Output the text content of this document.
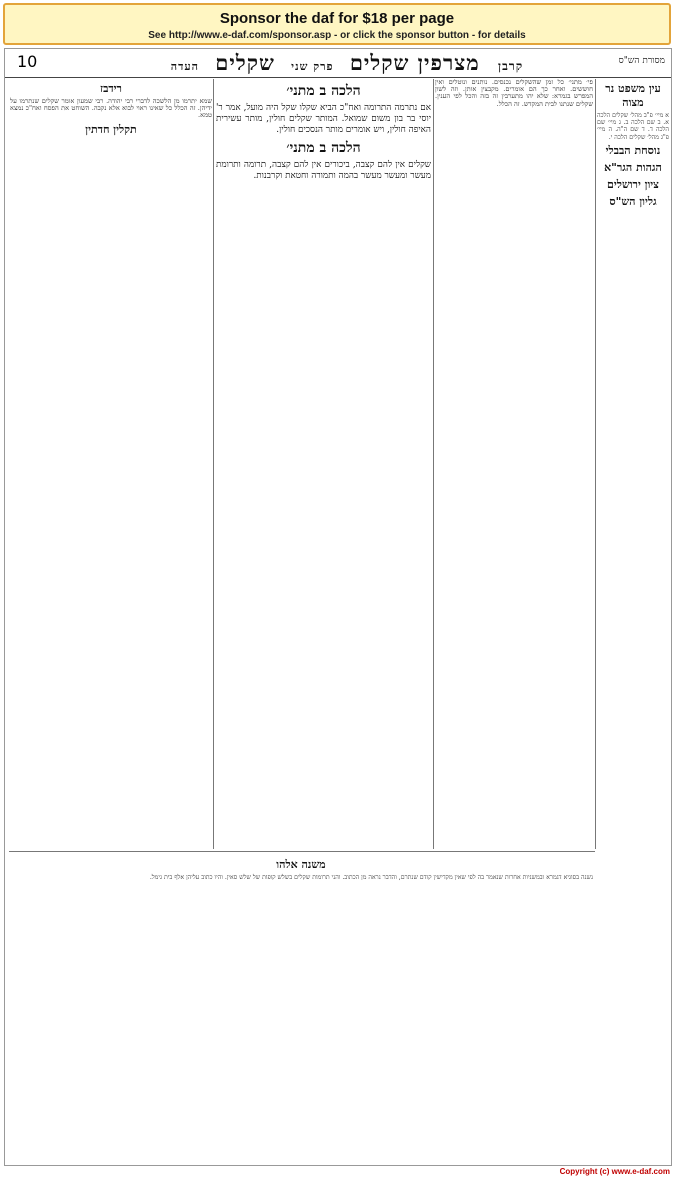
Sponsor the daf for $18 per page
See http://www.e-daf.com/sponsor.asp - or click the sponsor button - for details
מסורת הש"ס
קרבן מצרפין שקלים פרק שני שקלים העדה
10
עין משפט נר מצוה
א מיי׳ פ"ב מהל׳ שקלים הלכה א. ב שם הלכה ב. ג מיי׳ שם הלכה ד. ד שם ה"ה. ה מיי׳ פ"ג מהל׳ שקלים הלכה י.
נוסחת הבבלי
הגהות הגר"א
ציון ירושלים
גליון הש"ס
פי׳ מתני׳ כל זמן שהשקלים נכנסים. נותנים ונוטלים ואין חוששים. ואחר כך הם אומרים. מקבצין אותן. וזה לשון המפרש בגמרא: שלא יהו מתערבין זה בזה והכל לפי הענין. שקלים שנתנו לבית המקדש. זה הכלל.
הלכה ב מתני׳
אם נתרמה התרומה ואח"כ הביא שקלו שקל היה מועל, אמר ר' יוסי בר בון משום שמואל. המותר שקלים חולין, מותר עשירית האיפה חולין, ויש אומרים מותר הנסכים חולין.
הלכה ב מתני׳
שקלים אין להם קצבה, ביכורים אין להם קצבה, תרומה ותרומת מעשר ומעשר מעשר בהמה ותמורה וחטאת וקרבנות.
רידבז
שמא יתרמו מן הלשכה לדברי רבי יהודה. רבי שמעון אומר שקלים שנתרמו על ידיהן. זה הכלל כל שאינו ראוי לבוא אלא נקבה. השוחט את הפסח ואח"כ נמצא טמא.
תקלין חדתין
משנה אלהו
נשנה בסוגיא דגמרא ובמשניות אחרות שנאמר בה לפי שאין מקדישין קודם שנתרם, והדבר נראה מן הכתוב. והני תרומות שקלים בשלש קופות של שלש סאין. והיו כתוב עליהן אלף בית גימל.
Copyright (c) www.e-daf.com
